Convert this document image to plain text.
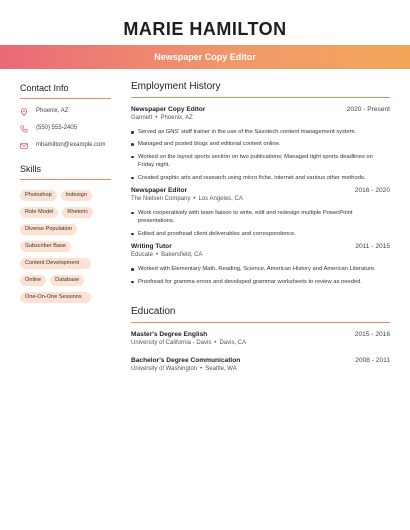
MARIE HAMILTON
Newspaper Copy Editor
Contact Info
Phoenix, AZ
(550) 555-2405
mhamilton@example.com
Skills
Photoshop	Indesign
Role Model	Rhetoric
Diverse Population
Subscriber Base
Content Development
Online	Database
One-On-One Sessions
Employment History
Newspaper Copy Editor	2020 - Present
Gannett • Phoenix, AZ
Served as GNS' staff trainer in the use of the Saxotech content management system.
Managed and posted blogs and editorial content online.
Worked on the layout sports section on two publications; Managed tight sports deadlines on Friday night.
Created graphic arts and research using micro fiche, internet and various other methods.
Newspaper Editor	2016 - 2020
The Nielsen Company • Los Angeles, CA
Work cooperatively with team liaison to write, edit and redesign multiple PowerPoint presentations.
Edited and proofread client deliverables and correspondence.
Writing Tutor	2011 - 2015
Educate • Bakersfield, CA
Worked with Elementary Math, Reading, Science, American History and American Literature.
Proofread for gramma errors and developed grammar worksheets to review as needed.
Education
Master's Degree English	2015 - 2016
University of California - Davis • Davis, CA
Bachelor's Degree Communication	2008 - 2011
University of Washington • Seattle, WA
